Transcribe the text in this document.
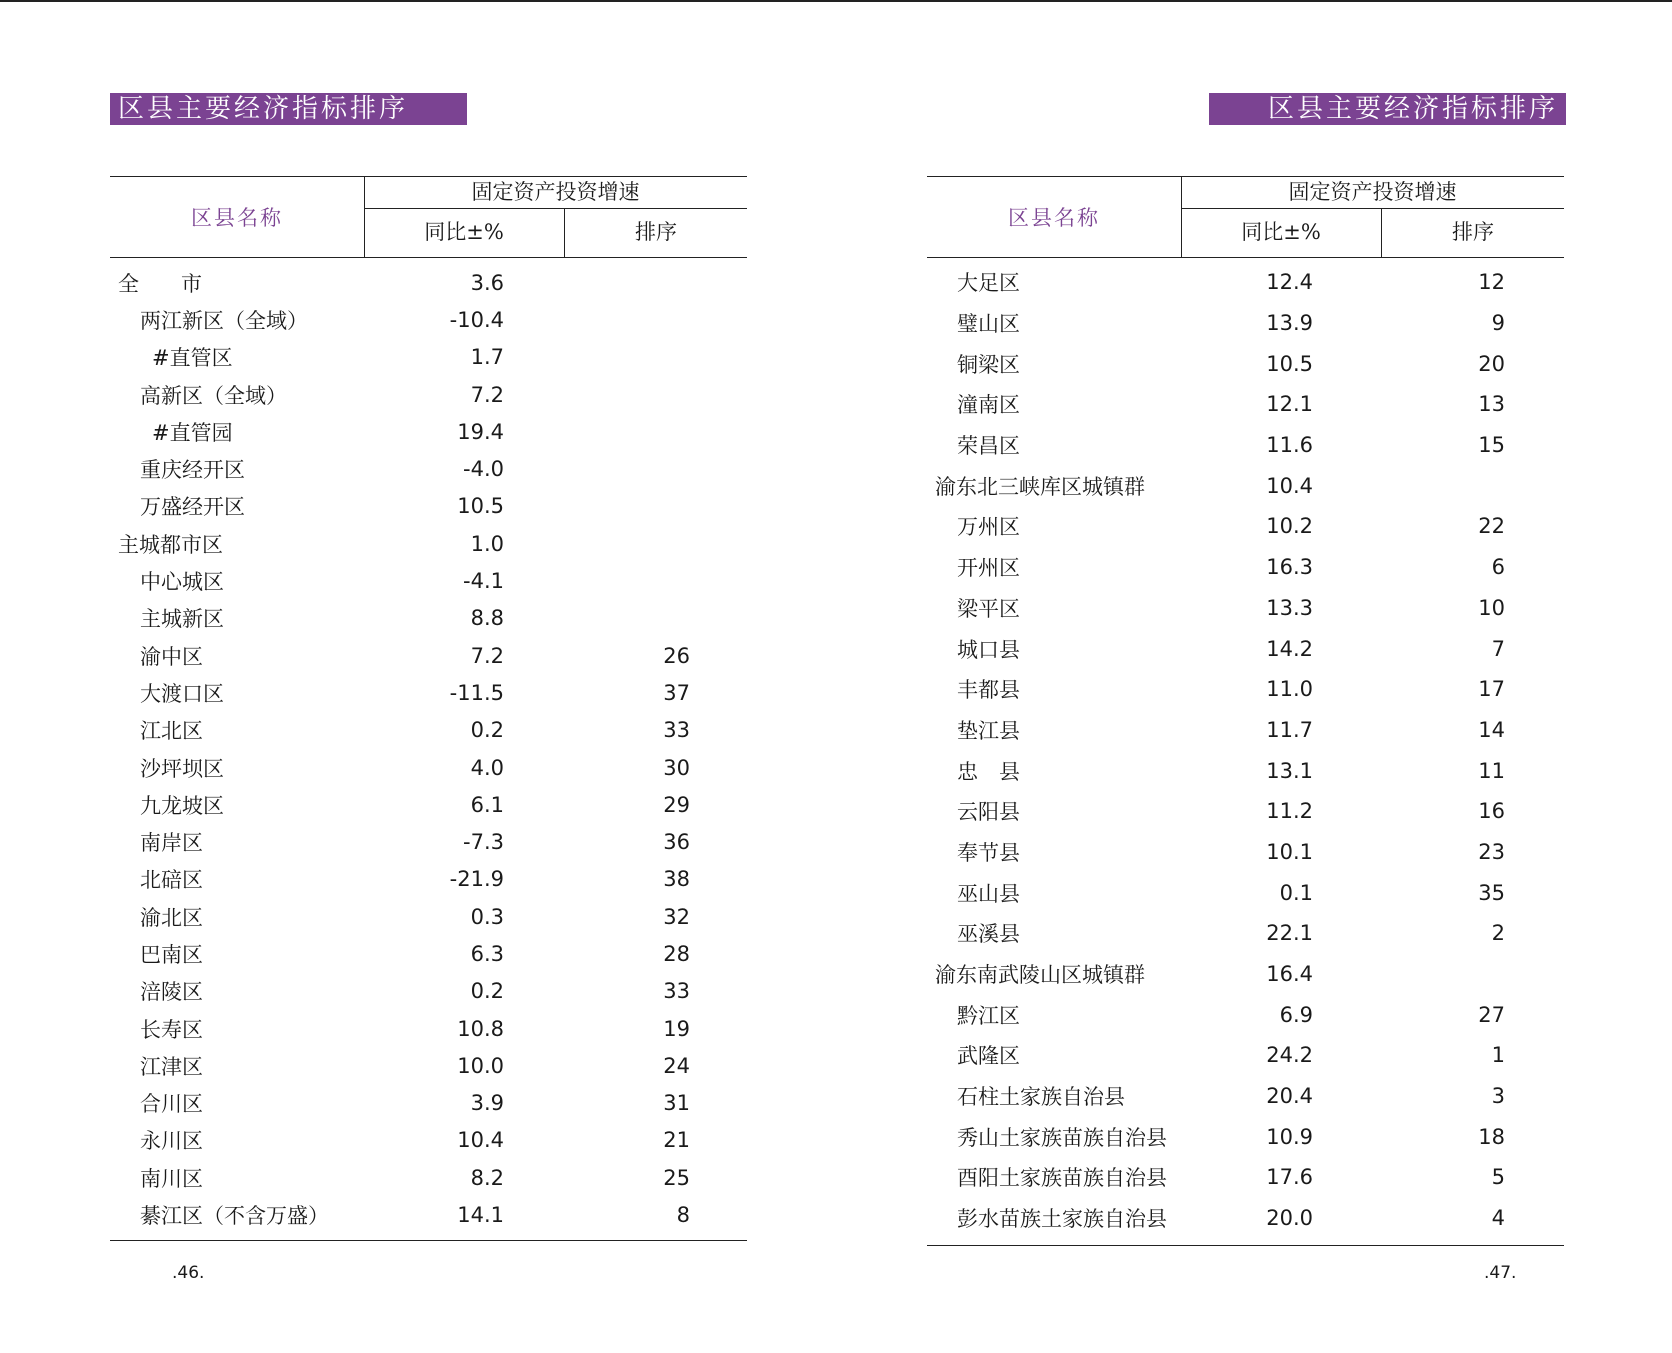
区县主要经济指标排序
区县名称
固定资产投资增速
同比±%	排序
全　　市	3.6
两江新区（全域）	-10.4
#直管区	1.7
高新区（全域）	7.2
#直管园	19.4
重庆经开区	-4.0
万盛经开区	10.5
主城都市区	1.0
中心城区	-4.1
主城新区	8.8
渝中区	7.2	26
大渡口区	-11.5	37
江北区	0.2	33
沙坪坝区	4.0	30
九龙坡区	6.1	29
南岸区	-7.3	36
北碚区	-21.9	38
渝北区	0.3	32
巴南区	6.3	28
涪陵区	0.2	33
长寿区	10.8	19
江津区	10.0	24
合川区	3.9	31
永川区	10.4	21
南川区	8.2	25
綦江区（不含万盛）	14.1	8
.46.
区县主要经济指标排序
区县名称
固定资产投资增速
同比±%	排序
大足区	12.4	12
璧山区	13.9	9
铜梁区	10.5	20
潼南区	12.1	13
荣昌区	11.6	15
渝东北三峡库区城镇群	10.4
万州区	10.2	22
开州区	16.3	6
梁平区	13.3	10
城口县	14.2	7
丰都县	11.0	17
垫江县	11.7	14
忠　县	13.1	11
云阳县	11.2	16
奉节县	10.1	23
巫山县	0.1	35
巫溪县	22.1	2
渝东南武陵山区城镇群	16.4
黔江区	6.9	27
武隆区	24.2	1
石柱土家族自治县	20.4	3
秀山土家族苗族自治县	10.9	18
酉阳土家族苗族自治县	17.6	5
彭水苗族土家族自治县	20.0	4
.47.
